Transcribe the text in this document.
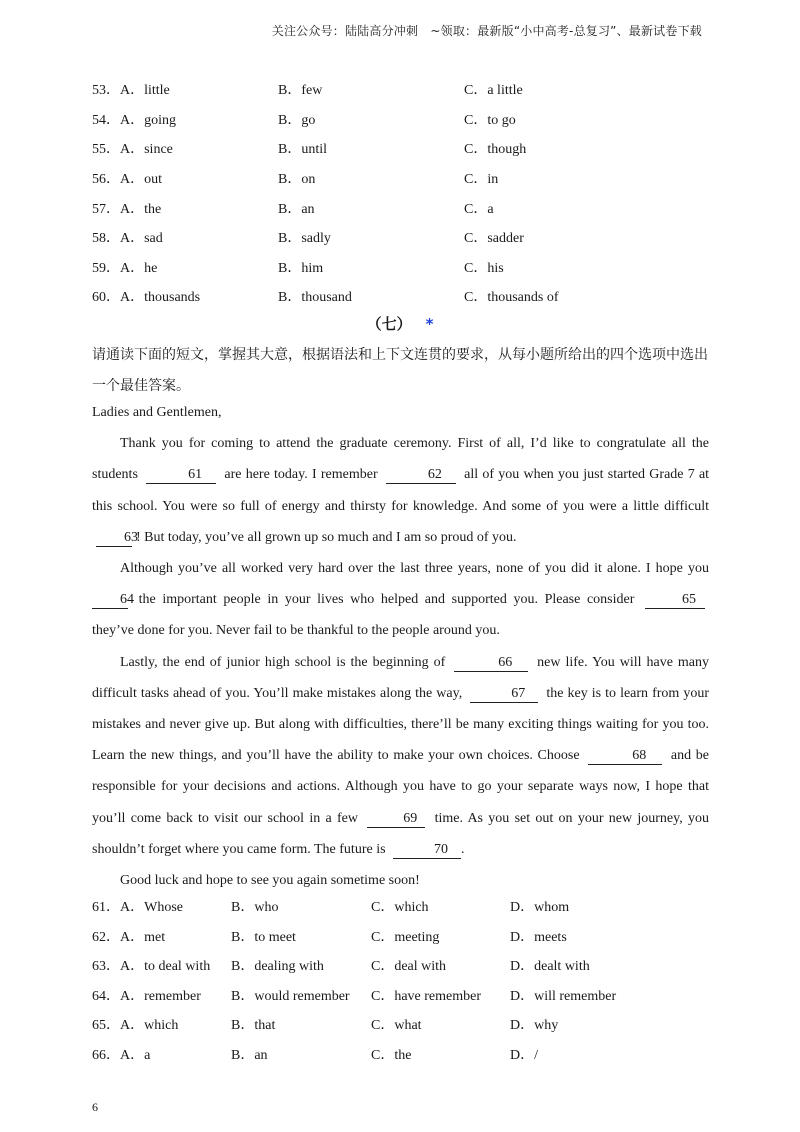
关注公众号：陆陆高分冲刺　~领取：最新版“小中高考-总复习”、最新试卷下载
53． A．little	B．few	C．a little
54． A．going	B．go	C．to go
55． A．since	B．until	C．though
56． A．out	B．on	C．in
57． A．the	B．an	C．a
58． A．sad	B．sadly	C．sadder
59． A．he	B．him	C．his
60． A．thousands	B．thousand	C．thousands of
（七） *
请通读下面的短文，掌握其大意，根据语法和上下文连贯的要求，从每小题所给出的四个选项中选出一个最佳答案。

Ladies and Gentlemen,

Thank you for coming to attend the graduate ceremony. First of all, I’d like to congratulate all the students	61 are here today. I remember	62 all of you when you just started Grade 7 at this school. You were so full of energy and thirsty for knowledge. And some of you were a little difficult 63! But today, you’ve all grown up so much and I am so proud of you.

Although you’ve all worked very hard over the last three years, none of you did it alone. I hope you 64 the important people in your lives who helped and supported you. Please consider	65 they’ve done for you. Never fail to be thankful to the people around you.

Lastly, the end of junior high school is the beginning of	66 new life. You will have many difficult tasks ahead of you. You’ll make mistakes along the way,	67 the key is to learn from your mistakes and never give up. But along with difficulties, there’ll be many exciting things waiting for you too. Learn the new things, and you’ll have the ability to make your own choices. Choose	68 and be responsible for your decisions and actions. Although you have to go your separate ways now, I hope that you’ll come back to visit our school in a few	69 time. As you set out on your new journey, you shouldn’t forget where you came form. The future is	70 .

Good luck and hope to see you again sometime soon!

61． A．Whose	B．who	C．which	D．whom
62． A．met	B．to meet	C．meeting	D．meets
63． A．to deal with B．dealing with	C．deal with	D．dealt with
64． A．remember B．would remember C．have remember D．will remember
65． A．which	B．that	C．what	D．why
66． A．a	B．an	C．the	D．/
6
